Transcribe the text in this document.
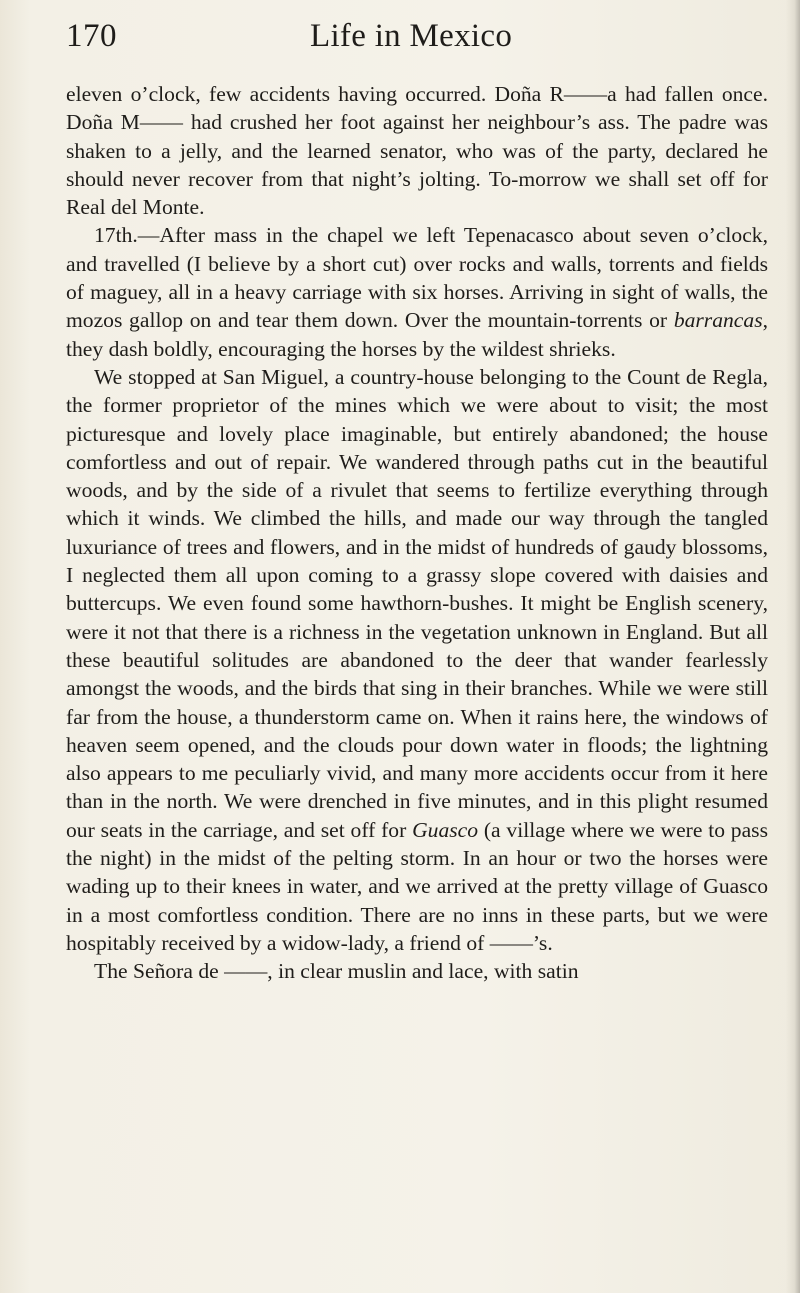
170	Life in Mexico

eleven o’clock, few accidents having occurred. Doña R——a had fallen once. Doña M—— had crushed her foot against her neighbour’s ass. The padre was shaken to a jelly, and the learned senator, who was of the party, declared he should never recover from that night’s jolting. To-morrow we shall set off for Real del Monte.

17th.—After mass in the chapel we left Tepenacasco about seven o’clock, and travelled (I believe by a short cut) over rocks and walls, torrents and fields of maguey, all in a heavy carriage with six horses. Arriving in sight of walls, the mozos gallop on and tear them down. Over the mountain-torrents or barrancas, they dash boldly, encouraging the horses by the wildest shrieks.

We stopped at San Miguel, a country-house belonging to the Count de Regla, the former proprietor of the mines which we were about to visit; the most picturesque and lovely place imaginable, but entirely abandoned; the house comfortless and out of repair. We wandered through paths cut in the beautiful woods, and by the side of a rivulet that seems to fertilize everything through which it winds. We climbed the hills, and made our way through the tangled luxuriance of trees and flowers, and in the midst of hundreds of gaudy blossoms, I neglected them all upon coming to a grassy slope covered with daisies and buttercups. We even found some hawthorn-bushes. It might be English scenery, were it not that there is a richness in the vegetation unknown in England. But all these beautiful solitudes are abandoned to the deer that wander fearlessly amongst the woods, and the birds that sing in their branches. While we were still far from the house, a thunderstorm came on. When it rains here, the windows of heaven seem opened, and the clouds pour down water in floods; the lightning also appears to me peculiarly vivid, and many more accidents occur from it here than in the north. We were drenched in five minutes, and in this plight resumed our seats in the carriage, and set off for Guasco (a village where we were to pass the night) in the midst of the pelting storm. In an hour or two the horses were wading up to their knees in water, and we arrived at the pretty village of Guasco in a most comfortless condition. There are no inns in these parts, but we were hospitably received by a widow-lady, a friend of ——’s.

The Señora de ——, in clear muslin and lace, with satin
